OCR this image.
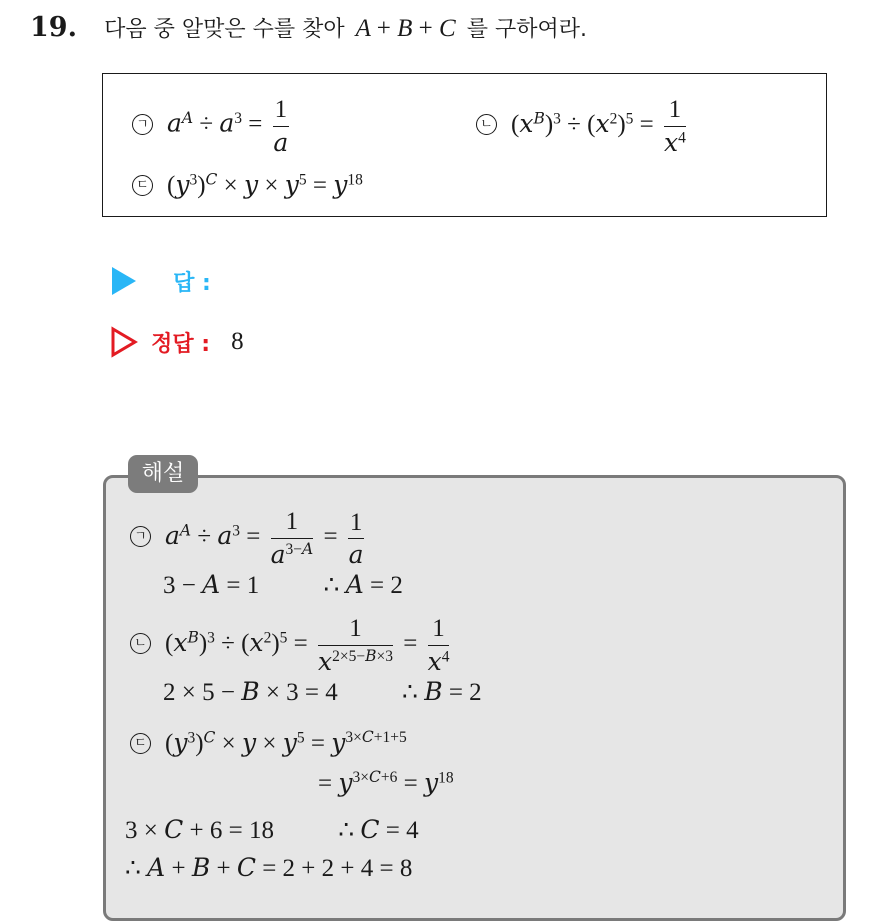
19. 다음 중 알맞은 수를 찾아 A + B + C 를 구하여라.
ㄱ $a^A \div a^3 = \frac{1}{a}$	ㄴ $(x^B)^3 \div (x^2)^5 = \frac{1}{x^4}$
ㄷ $(y^3)^C \times y \times y^5 = y^{18}$
답 :
정답 : 8
해설
ㄱ $a^A \div a^3 = \frac{1}{a^{3-A}} = \frac{1}{a}$
3 − A = 1 ∴ A = 2
ㄴ $(x^B)^3 \div (x^2)^5 = \frac{1}{x^{2\times 5-B\times 3}} = \frac{1}{x^4}$
2 × 5 − B × 3 = 4 ∴ B = 2
ㄷ $(y^3)^C \times y \times y^5 = y^{3\times C+1+5}$
= $y^{3\times C+6} = y^{18}$
3 × C + 6 = 18 ∴ C = 4
∴ A + B + C = 2 + 2 + 4 = 8
